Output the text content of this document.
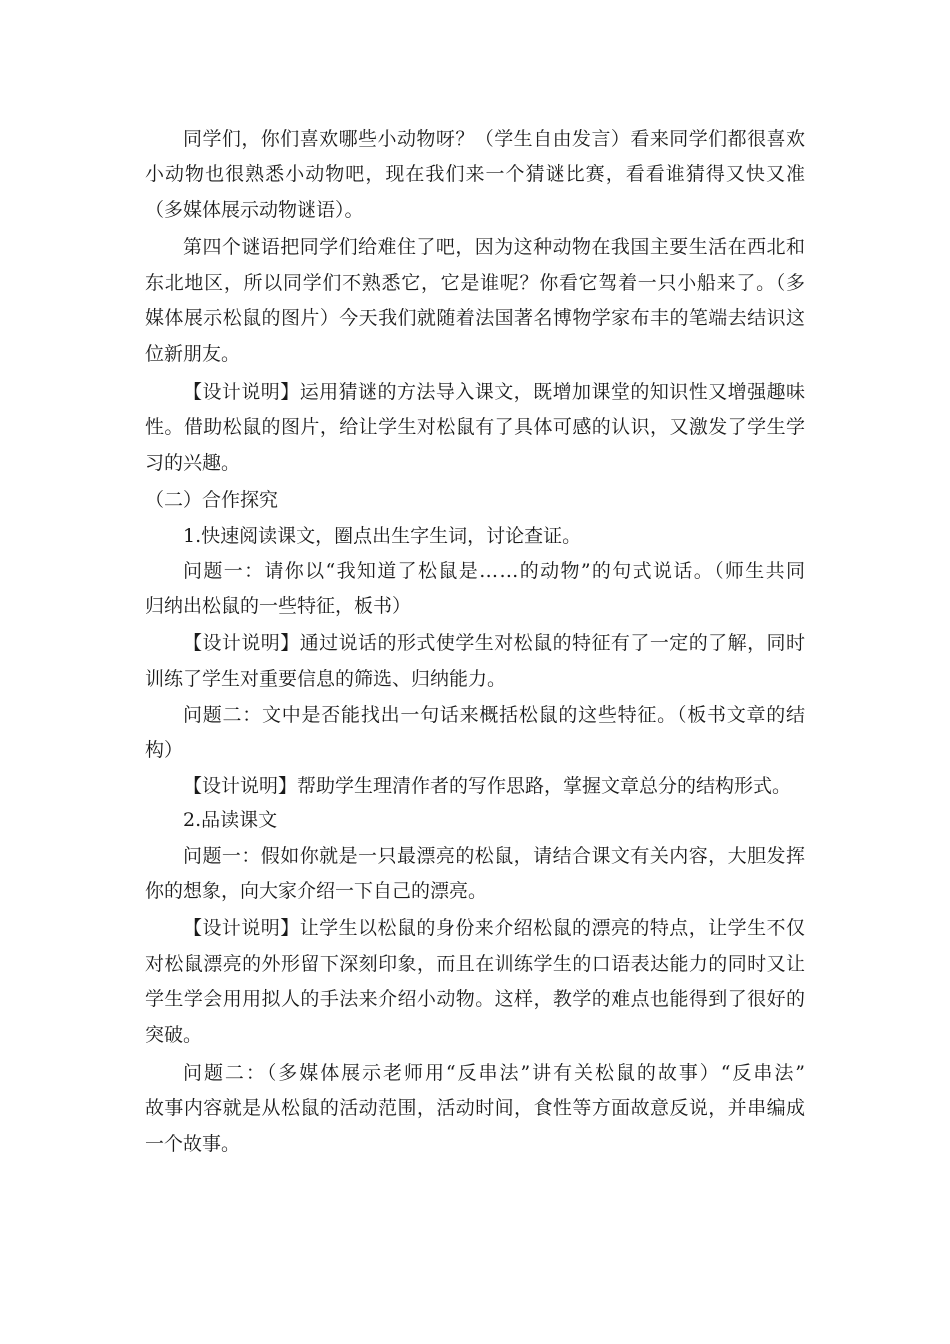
同学们，你们喜欢哪些小动物呀？（学生自由发言）看来同学们都很喜欢
小动物也很熟悉小动物吧，现在我们来一个猜谜比赛，看看谁猜得又快又准
（多媒体展示动物谜语）。
第四个谜语把同学们给难住了吧，因为这种动物在我国主要生活在西北和
东北地区，所以同学们不熟悉它，它是谁呢？你看它驾着一只小船来了。（多
媒体展示松鼠的图片）今天我们就随着法国著名博物学家布丰的笔端去结识这
位新朋友。
【设计说明】运用猜谜的方法导入课文，既增加课堂的知识性又增强趣味
性。借助松鼠的图片，给让学生对松鼠有了具体可感的认识，又激发了学生学
习的兴趣。
（二）合作探究
1.快速阅读课文，圈点出生字生词，讨论查证。
问题一：请你以“我知道了松鼠是……的动物”的句式说话。（师生共同
归纳出松鼠的一些特征，板书）
【设计说明】通过说话的形式使学生对松鼠的特征有了一定的了解，同时
训练了学生对重要信息的筛选、归纳能力。
问题二：文中是否能找出一句话来概括松鼠的这些特征。（板书文章的结
构）
【设计说明】帮助学生理清作者的写作思路，掌握文章总分的结构形式。
2.品读课文
问题一：假如你就是一只最漂亮的松鼠，请结合课文有关内容，大胆发挥
你的想象，向大家介绍一下自己的漂亮。
【设计说明】让学生以松鼠的身份来介绍松鼠的漂亮的特点，让学生不仅
对松鼠漂亮的外形留下深刻印象，而且在训练学生的口语表达能力的同时又让
学生学会用用拟人的手法来介绍小动物。这样，教学的难点也能得到了很好的
突破。
问题二：（多媒体展示老师用“反串法”讲有关松鼠的故事）“反串法”
故事内容就是从松鼠的活动范围，活动时间，食性等方面故意反说，并串编成
一个故事。
